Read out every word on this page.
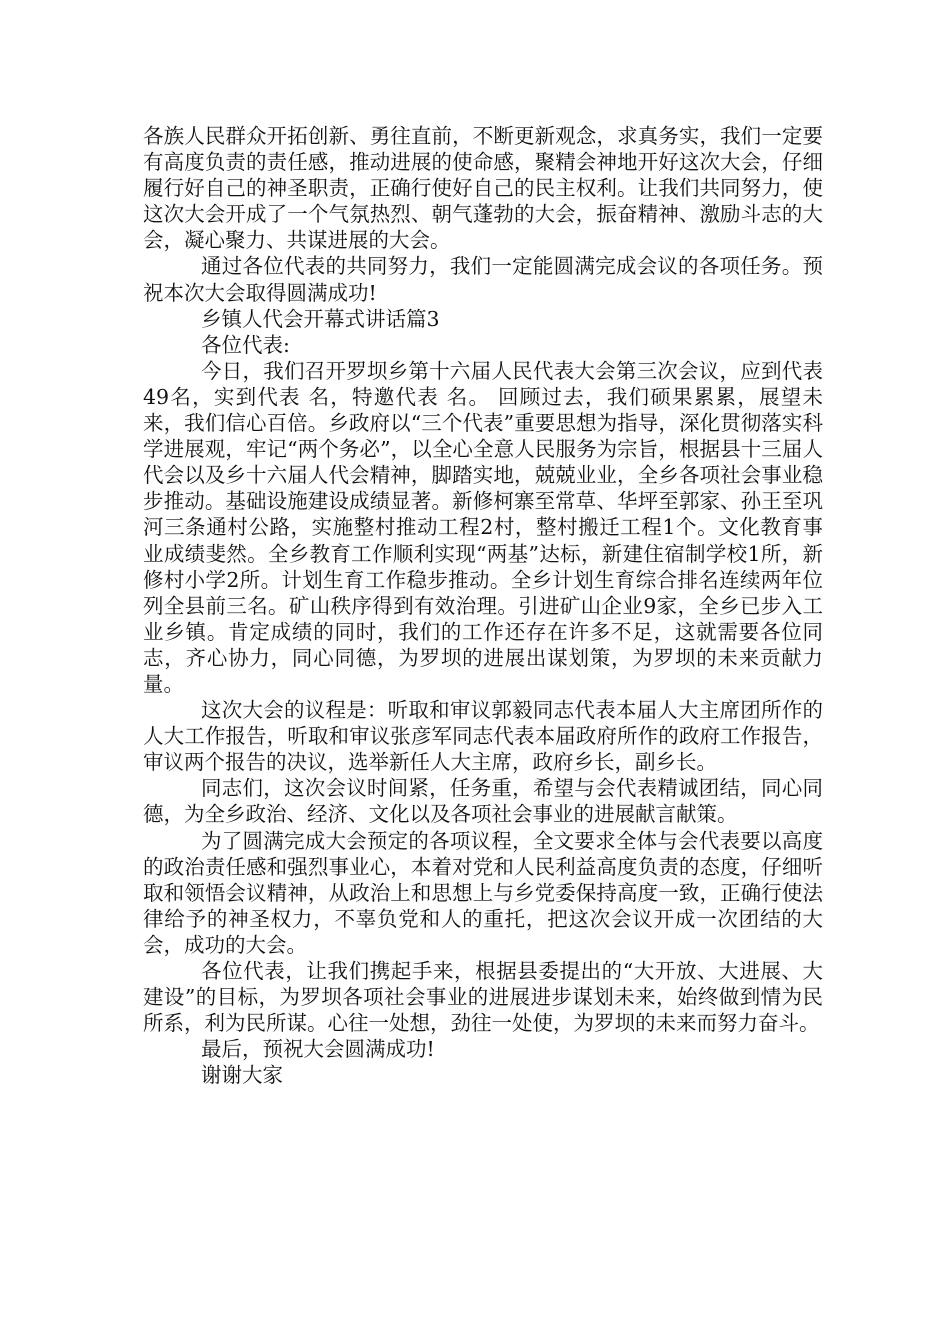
各族人民群众开拓创新、勇往直前，不断更新观念，求真务实，我们一定要有高度负责的责任感，推动进展的使命感，聚精会神地开好这次大会，仔细履行好自己的神圣职责，正确行使好自己的民主权利。让我们共同努力，使这次大会开成了一个气氛热烈、朝气蓬勃的大会，振奋精神、激励斗志的大会，凝心聚力、共谋进展的大会。

通过各位代表的共同努力，我们一定能圆满完成会议的各项任务。预祝本次大会取得圆满成功!

乡镇人代会开幕式讲话篇3

各位代表:

今日，我们召开罗坝乡第十六届人民代表大会第三次会议，应到代表49名，实到代表 名，特邀代表 名。 回顾过去，我们硕果累累，展望未来，我们信心百倍。乡政府以“三个代表”重要思想为指导，深化贯彻落实科学进展观，牢记“两个务必”，以全心全意人民服务为宗旨，根据县十三届人代会以及乡十六届人代会精神，脚踏实地，兢兢业业，全乡各项社会事业稳步推动。基础设施建设成绩显著。新修柯寨至常草、华坪至郭家、孙王至巩河三条通村公路，实施整村推动工程2村，整村搬迁工程1个。文化教育事业成绩斐然。全乡教育工作顺利实现“两基”达标，新建住宿制学校1所，新修村小学2所。计划生育工作稳步推动。全乡计划生育综合排名连续两年位列全县前三名。矿山秩序得到有效治理。引进矿山企业9家，全乡已步入工业乡镇。肯定成绩的同时，我们的工作还存在许多不足，这就需要各位同志，齐心协力，同心同德，为罗坝的进展出谋划策，为罗坝的未来贡献力量。

这次大会的议程是：听取和审议郭毅同志代表本届人大主席团所作的人大工作报告，听取和审议张彦军同志代表本届政府所作的政府工作报告，审议两个报告的决议，选举新任人大主席，政府乡长，副乡长。

同志们，这次会议时间紧，任务重，希望与会代表精诚团结，同心同德，为全乡政治、经济、文化以及各项社会事业的进展献言献策。

为了圆满完成大会预定的各项议程，全文要求全体与会代表要以高度的政治责任感和强烈事业心，本着对党和人民利益高度负责的态度，仔细听取和领悟会议精神，从政治上和思想上与乡党委保持高度一致，正确行使法律给予的神圣权力，不辜负党和人的重托，把这次会议开成一次团结的大会，成功的大会。

各位代表，让我们携起手来，根据县委提出的“大开放、大进展、大建设”的目标，为罗坝各项社会事业的进展进步谋划未来，始终做到情为民所系，利为民所谋。心往一处想，劲往一处使，为罗坝的未来而努力奋斗。

最后，预祝大会圆满成功!

谢谢大家
